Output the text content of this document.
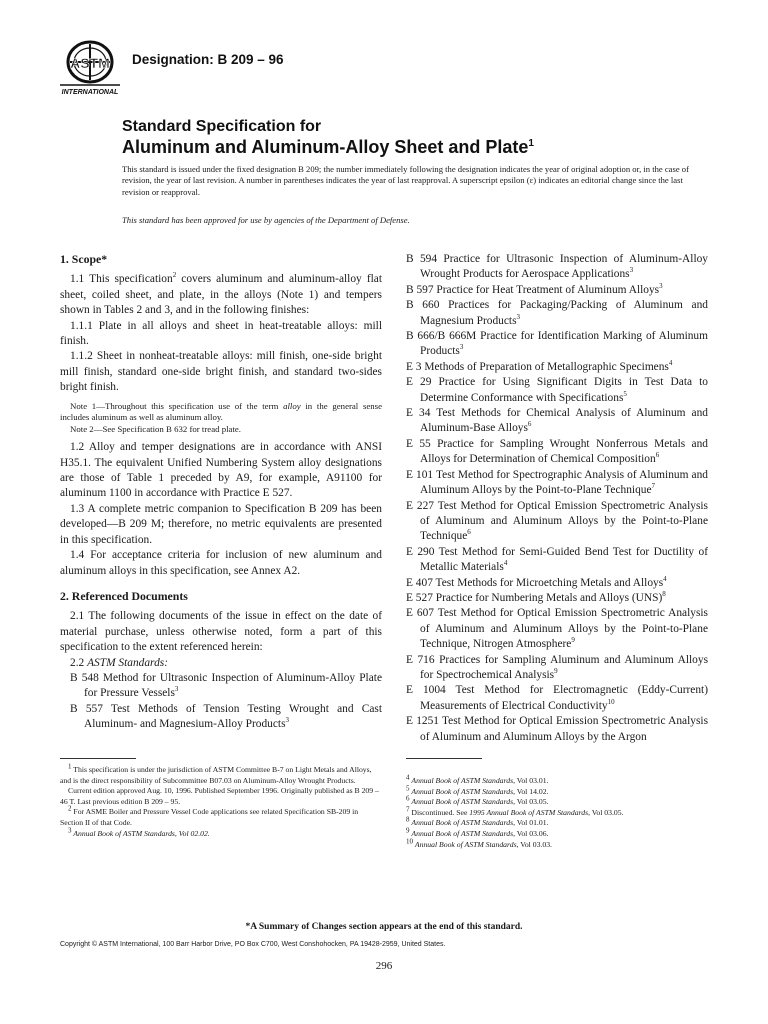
ASTM
INTERNATIONAL
Designation: B 209 – 96
Standard Specification for
Aluminum and Aluminum-Alloy Sheet and Plate$^1$

This standard is issued under the fixed designation B 209; the number immediately following the designation indicates the year of original adoption or, in the case of revision, the year of last revision. A number in parentheses indicates the year of last reapproval. A superscript epsilon (ε) indicates an editorial change since the last revision or reapproval.

This standard has been approved for use by agencies of the Department of Defense.

1. Scope*

1.1 This specification$^2$ covers aluminum and aluminum-alloy flat sheet, coiled sheet, and plate, in the alloys (Note 1) and tempers shown in Tables 2 and 3, and in the following finishes:

1.1.1 Plate in all alloys and sheet in heat-treatable alloys: mill finish.

1.1.2 Sheet in nonheat-treatable alloys: mill finish, one-side bright mill finish, standard one-side bright finish, and standard two-sides bright finish.

Note 1—Throughout this specification use of the term alloy in the general sense includes aluminum as well as aluminum alloy.

Note 2—See Specification B 632 for tread plate.

1.2 Alloy and temper designations are in accordance with ANSI H35.1. The equivalent Unified Numbering System alloy designations are those of Table 1 preceded by A9, for example, A91100 for aluminum 1100 in accordance with Practice E 527.

1.3 A complete metric companion to Specification B 209 has been developed—B 209 M; therefore, no metric equivalents are presented in this specification.

1.4 For acceptance criteria for inclusion of new aluminum and aluminum alloys in this specification, see Annex A2.

2. Referenced Documents

2.1 The following documents of the issue in effect on the date of material purchase, unless otherwise noted, form a part of this specification to the extent referenced herein:

2.2 ASTM Standards:

B 548 Method for Ultrasonic Inspection of Aluminum-Alloy Plate for Pressure Vessels$^3$

B 557 Test Methods of Tension Testing Wrought and Cast Aluminum- and Magnesium-Alloy Products$^3$

B 594 Practice for Ultrasonic Inspection of Aluminum-Alloy Wrought Products for Aerospace Applications$^3$

B 597 Practice for Heat Treatment of Aluminum Alloys$^3$

B 660 Practices for Packaging/Packing of Aluminum and Magnesium Products$^3$

B 666/B 666M Practice for Identification Marking of Aluminum Products$^3$

E 3 Methods of Preparation of Metallographic Specimens$^4$

E 29 Practice for Using Significant Digits in Test Data to Determine Conformance with Specifications$^5$

E 34 Test Methods for Chemical Analysis of Aluminum and Aluminum-Base Alloys$^6$

E 55 Practice for Sampling Wrought Nonferrous Metals and Alloys for Determination of Chemical Composition$^6$

E 101 Test Method for Spectrographic Analysis of Aluminum and Aluminum Alloys by the Point-to-Plane Technique$^7$

E 227 Test Method for Optical Emission Spectrometric Analysis of Aluminum and Aluminum Alloys by the Point-to-Plane Technique$^6$

E 290 Test Method for Semi-Guided Bend Test for Ductility of Metallic Materials$^4$

E 407 Test Methods for Microetching Metals and Alloys$^4$

E 527 Practice for Numbering Metals and Alloys (UNS)$^8$

E 607 Test Method for Optical Emission Spectrometric Analysis of Aluminum and Aluminum Alloys by the Point-to-Plane Technique, Nitrogen Atmosphere$^9$

E 716 Practices for Sampling Aluminum and Aluminum Alloys for Spectrochemical Analysis$^9$

E 1004 Test Method for Electromagnetic (Eddy-Current) Measurements of Electrical Conductivity$^{10}$

E 1251 Test Method for Optical Emission Spectrometric Analysis of Aluminum and Aluminum Alloys by the Argon

$^1$ This specification is under the jurisdiction of ASTM Committee B-7 on Light Metals and Alloys, and is the direct responsibility of Subcommittee B07.03 on Aluminum-Alloy Wrought Products.

Current edition approved Aug. 10, 1996. Published September 1996. Originally published as B 209 – 46 T. Last previous edition B 209 – 95.

$^2$ For ASME Boiler and Pressure Vessel Code applications see related Specification SB-209 in Section II of that Code.

$^3$ Annual Book of ASTM Standards, Vol 02.02.

$^4$ Annual Book of ASTM Standards, Vol 03.01.

$^5$ Annual Book of ASTM Standards, Vol 14.02.

$^6$ Annual Book of ASTM Standards, Vol 03.05.

$^7$ Discontinued. See 1995 Annual Book of ASTM Standards, Vol 03.05.

$^8$ Annual Book of ASTM Standards, Vol 01.01.

$^9$ Annual Book of ASTM Standards, Vol 03.06.

$^{10}$ Annual Book of ASTM Standards, Vol 03.03.

*A Summary of Changes section appears at the end of this standard.
Copyright © ASTM International, 100 Barr Harbor Drive, PO Box C700, West Conshohocken, PA 19428-2959, United States.
296
